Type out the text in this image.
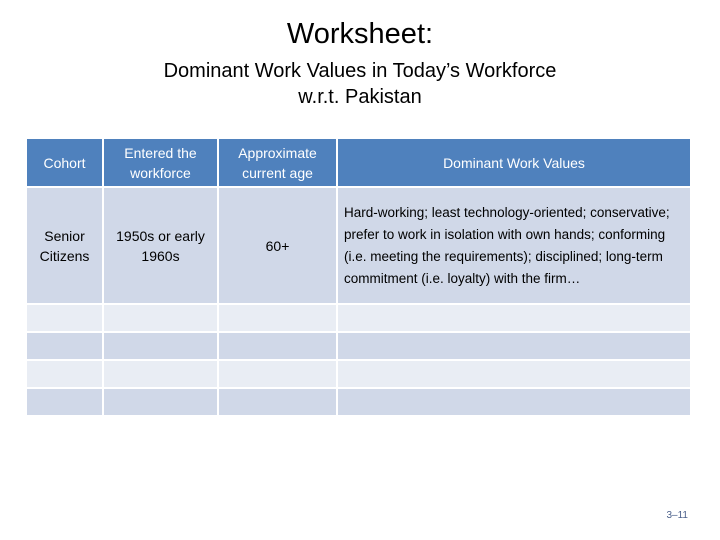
Worksheet:
Dominant Work Values in Today’s Workforce
w.r.t. Pakistan
Cohort	Entered the workforce	Approximate current age	Dominant Work Values
Senior Citizens	1950s or early 1960s	60+	Hard-working; least technology-oriented; conservative; prefer to work in isolation with own hands; conforming (i.e. meeting the requirements); disciplined; long-term commitment (i.e. loyalty) with the firm…

3–11
